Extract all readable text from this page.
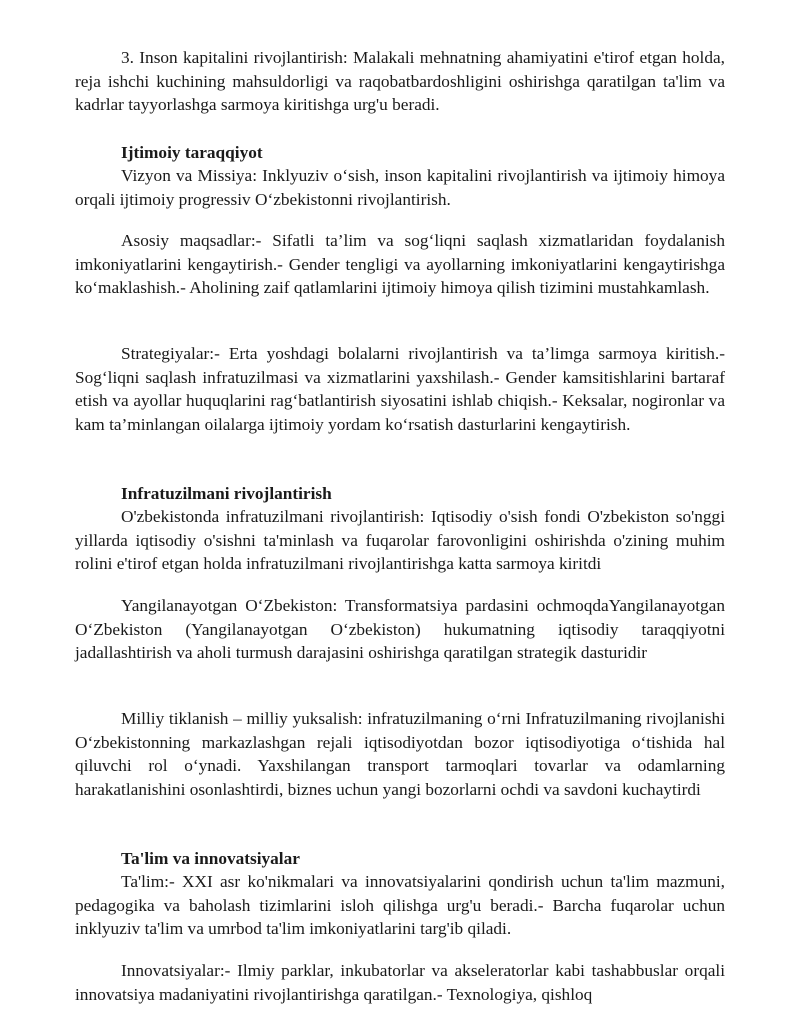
3. Inson kapitalini rivojlantirish: Malakali mehnatning ahamiyatini e'tirof etgan holda, reja ishchi kuchining mahsuldorligi va raqobatbardoshligini oshirishga qaratilgan ta'lim va kadrlar tayyorlashga sarmoya kiritishga urg'u beradi.

Ijtimoiy taraqqiyot

Vizyon va Missiya: Inklyuziv o‘sish, inson kapitalini rivojlantirish va ijtimoiy himoya orqali ijtimoiy progressiv O‘zbekistonni rivojlantirish.

Asosiy maqsadlar:- Sifatli ta’lim va sog‘liqni saqlash xizmatlaridan foydalanish imkoniyatlarini kengaytirish.- Gender tengligi va ayollarning imkoniyatlarini kengaytirishga ko‘maklashish.- Aholining zaif qatlamlarini ijtimoiy himoya qilish tizimini mustahkamlash.

Strategiyalar:- Erta yoshdagi bolalarni rivojlantirish va ta’limga sarmoya kiritish.- Sog‘liqni saqlash infratuzilmasi va xizmatlarini yaxshilash.- Gender kamsitishlarini bartaraf etish va ayollar huquqlarini rag‘batlantirish siyosatini ishlab chiqish.- Keksalar, nogironlar va kam ta’minlangan oilalarga ijtimoiy yordam ko‘rsatish dasturlarini kengaytirish.

Infratuzilmani rivojlantirish

O'zbekistonda infratuzilmani rivojlantirish: Iqtisodiy o'sish fondi O'zbekiston so'nggi yillarda iqtisodiy o'sishni ta'minlash va fuqarolar farovonligini oshirishda o'zining muhim rolini e'tirof etgan holda infratuzilmani rivojlantirishga katta sarmoya kiritdi

Yangilanayotgan O‘Zbekiston: Transformatsiya pardasini ochmoqdaYangilanayotgan O‘Zbekiston (Yangilanayotgan O‘zbekiston) hukumatning iqtisodiy taraqqiyotni jadallashtirish va aholi turmush darajasini oshirishga qaratilgan strategik dasturidir

Milliy tiklanish – milliy yuksalish: infratuzilmaning o‘rni Infratuzilmaning rivojlanishi O‘zbekistonning markazlashgan rejali iqtisodiyotdan bozor iqtisodiyotiga o‘tishida hal qiluvchi rol o‘ynadi. Yaxshilangan transport tarmoqlari tovarlar va odamlarning harakatlanishini osonlashtirdi, biznes uchun yangi bozorlarni ochdi va savdoni kuchaytirdi

Ta'lim va innovatsiyalar

Ta'lim:- XXI asr ko'nikmalari va innovatsiyalarini qondirish uchun ta'lim mazmuni, pedagogika va baholash tizimlarini isloh qilishga urg'u beradi.- Barcha fuqarolar uchun inklyuziv ta'lim va umrbod ta'lim imkoniyatlarini targ'ib qiladi.

Innovatsiyalar:- Ilmiy parklar, inkubatorlar va akseleratorlar kabi tashabbuslar orqali innovatsiya madaniyatini rivojlantirishga qaratilgan.- Texnologiya, qishloq
